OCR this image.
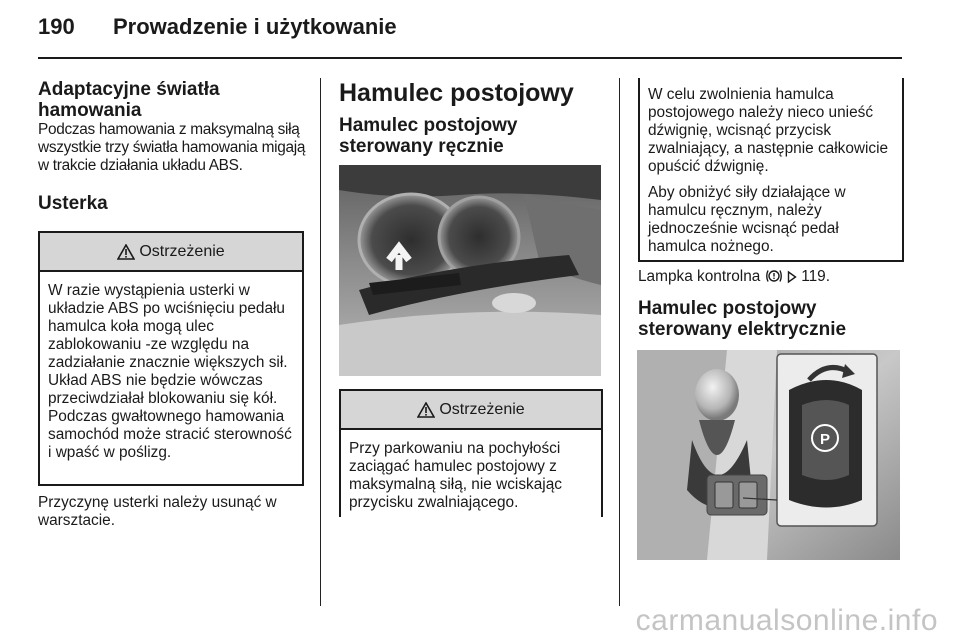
190 Prowadzenie i użytkowanie
Adaptacyjne światła hamowania

Podczas hamowania z maksymalną siłą wszystkie trzy światła hamowania migają w trakcie działania układu ABS.

Usterka
Ostrzeżenie

W razie wystąpienia usterki w układzie ABS po wciśnięciu pedału hamulca koła mogą ulec zablokowaniu -ze względu na zadziałanie znacznie większych sił. Układ ABS nie będzie wówczas przeciwdziałał blokowaniu się kół. Podczas gwałtownego hamowania samochód może stracić sterowność i wpaść w poślizg.

Przyczynę usterki należy usunąć w warsztacie.

Hamulec postojowy
Hamulec postojowy sterowany ręcznie
Ostrzeżenie

Przy parkowaniu na pochyłości zaciągać hamulec postojowy z maksymalną siłą, nie wciskając przycisku zwalniającego.

W celu zwolnienia hamulca postojowego należy nieco unieść dźwignię, wcisnąć przycisk zwalniający, a następnie całkowicie opuścić dźwignię.

Aby obniżyć siły działające w hamulcu ręcznym, należy jednocześnie wcisnąć pedał hamulca nożnego.

Lampka kontrolna	119.

Hamulec postojowy sterowany elektrycznie
P
carmanualsonline.info
